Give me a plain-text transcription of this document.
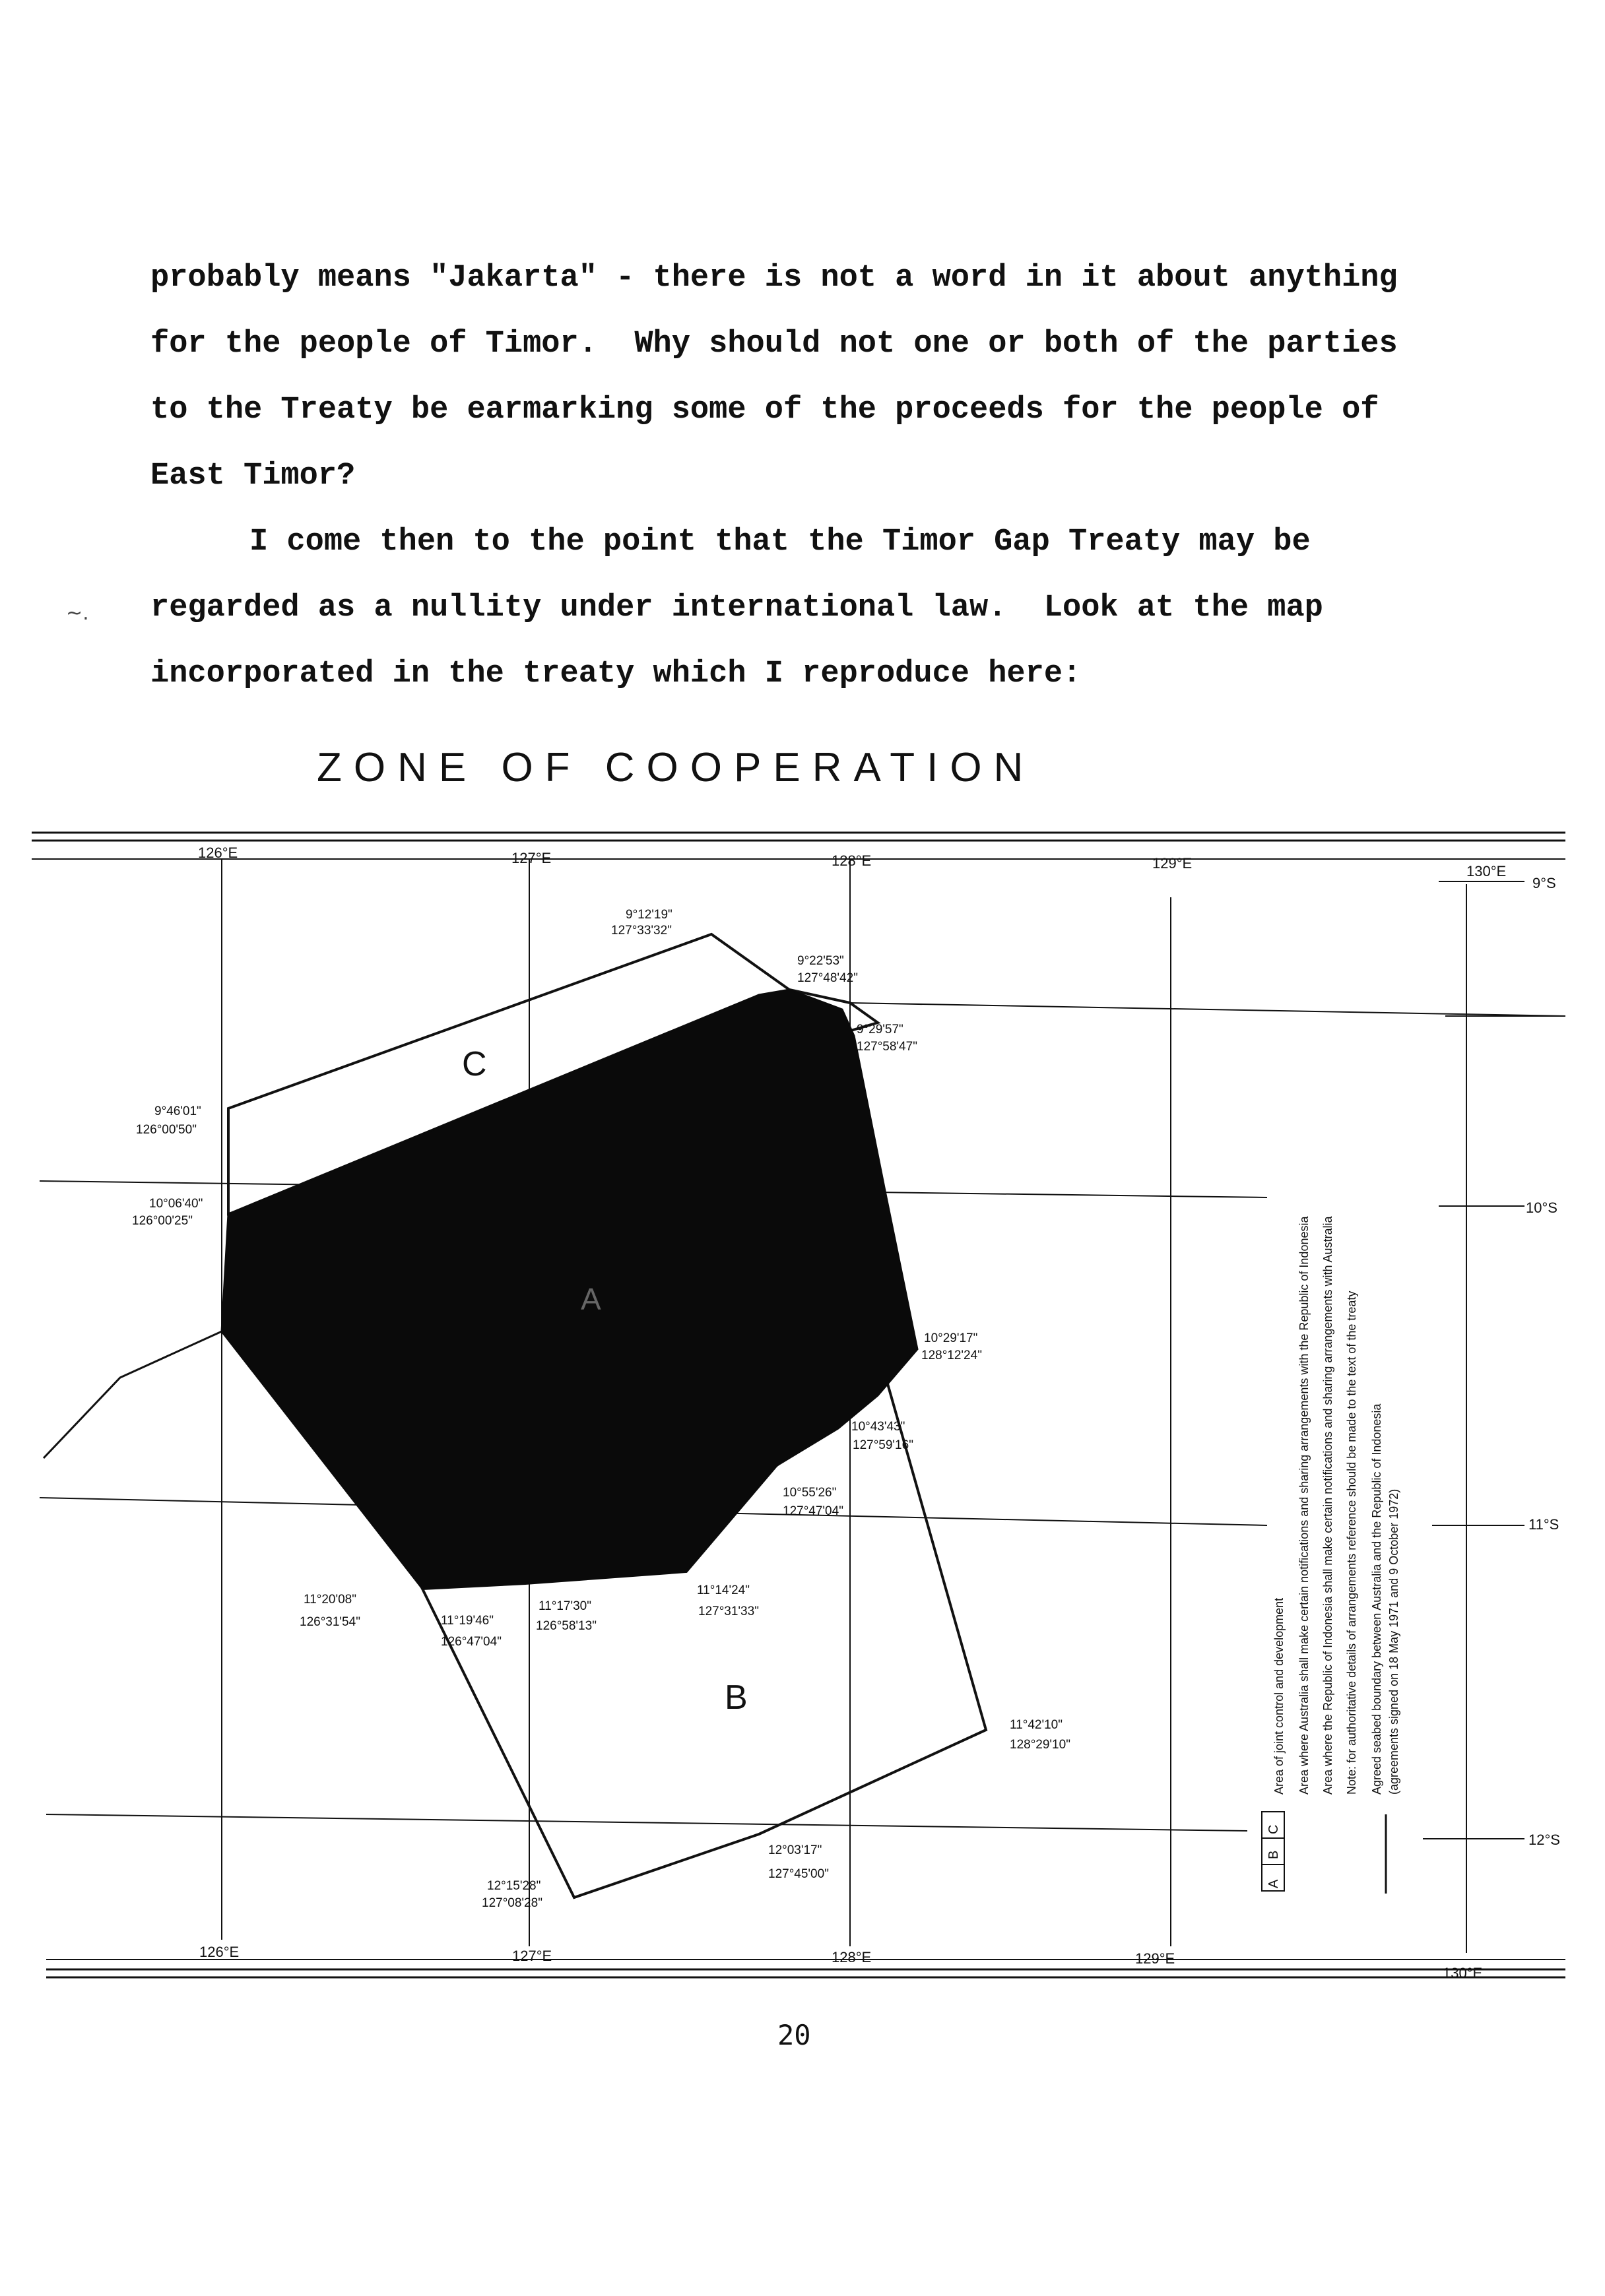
~.

probably means "Jakarta" - there is not a word in it about anything for the people of Timor.  Why should not one or both of the parties to the Treaty be earmarking some of the proceeds for the people of East Timor?

I come then to the point that the Timor Gap Treaty may be regarded as a nullity under international law.  Look at the map incorporated in the treaty which I reproduce here:

ZONE OF COOPERATION
C
A
B
126°E	127°E	128°E	129°E	130°E
126°E	127°E	128°E	129°E
130°E
9°S
10°S
11°S
12°S
9°12'19"
127°33'32"
9°22'53"
127°48'42"
9°29'57"
127°58'47"
9°46'01"
126°00'50"
10°06'40"
126°00'25"
10°29'17"
128°12'24"
11°20'08"
126°31'54"	11°19'46"
126°47'04"
11°17'30"
126°58'13"
11°14'24"
127°31'33"
11°42'10"
128°29'10"
12°03'17"
127°45'00"
12°15'28"
127°08'28"
10°43'43"
127°59'16"
10°55'26"
127°47'04"
A
B
C
Area of joint control and development Area where Australia shall make certain notifications and sharing arrangements with the Republic of Indonesia Area where the Republic of Indonesia shall make certain notifications and sharing arrangements with Australia Note: for authoritative details of arrangements reference should be made to the text of the treaty Agreed seabed boundary between Australia and the Republic of Indonesia (agreements signed on 18 May 1971 and 9 October 1972)
20
